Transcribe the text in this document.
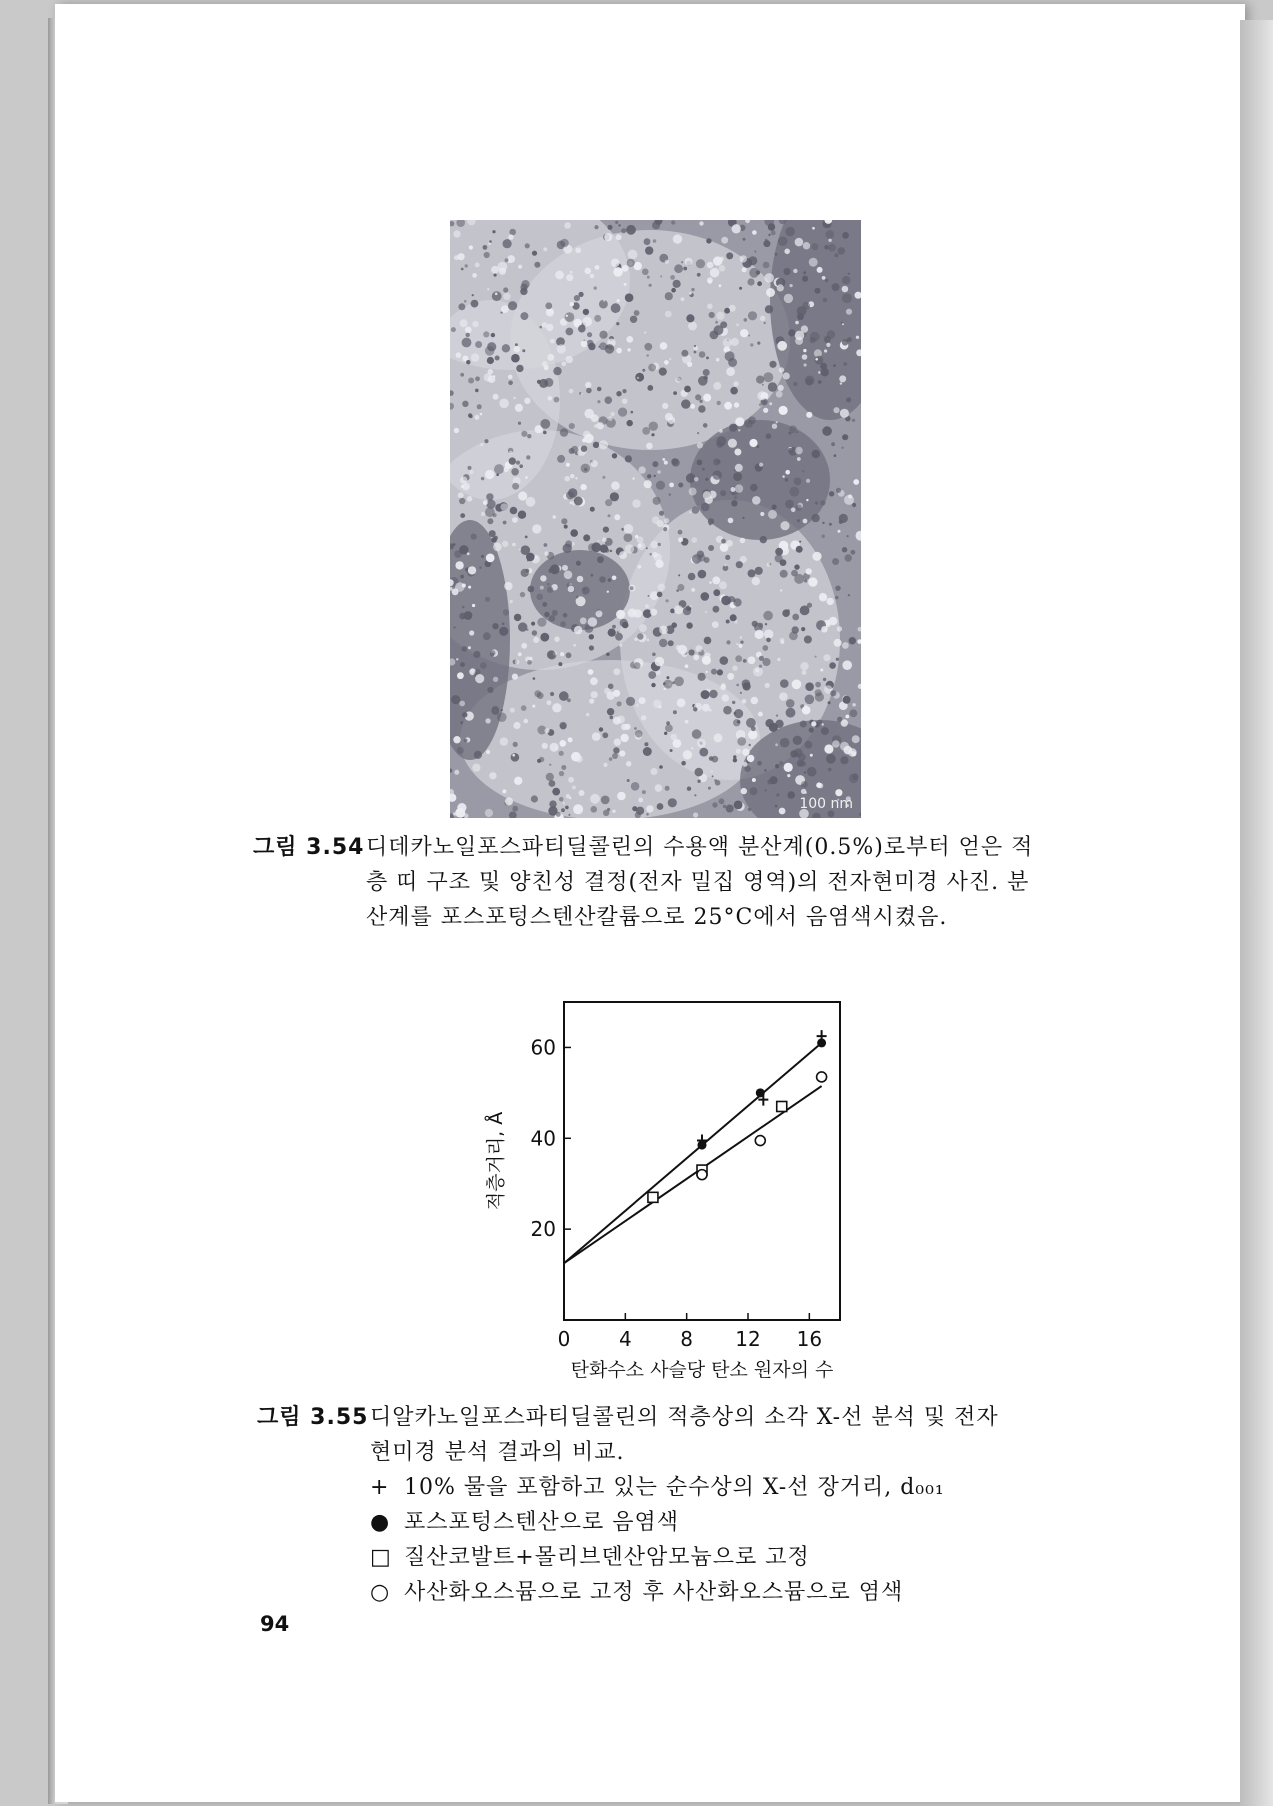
100 nm
그림 3.54디데카노일포스파티딜콜린의 수용액 분산계(0.5%)로부터 얻은 적
층 띠 구조 및 양친성 결정(전자 밀집 영역)의 전자현미경 사진. 분
산계를 포스포텅스텐산칼륨으로 25°C에서 음염색시켰음.
0 4 8 12 16
20
40
60
탄화수소 사슬당 탄소 원자의 수
적층거리, Å
그림 3.55디알카노일포스파티딜콜린의 적층상의 소각 X-선 분석 및 전자
현미경 분석 결과의 비교.
+ 10% 물을 포함하고 있는 순수상의 X-선 장거리, d₀₀₁
● 포스포텅스텐산으로 음염색
□ 질산코발트+몰리브덴산암모늄으로 고정
○ 사산화오스뮴으로 고정 후 사산화오스뮴으로 염색
94
